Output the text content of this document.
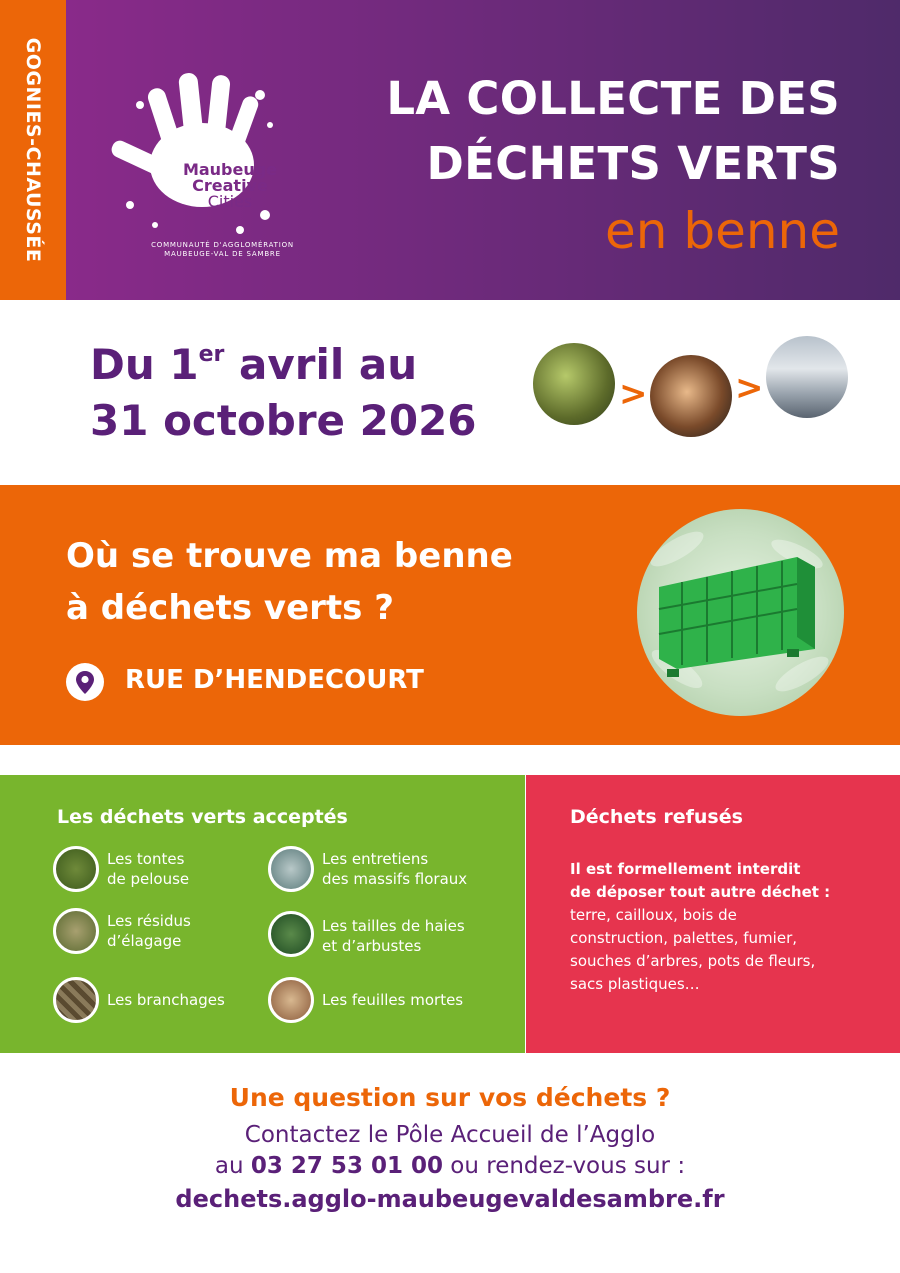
GOGNIES-CHAUSSÉE	Maubeuge
Creative
Cities
COMMUNAUTÉ D'AGGLOMÉRATION
MAUBEUGE-VAL DE SAMBRE
LA COLLECTE DES
DÉCHETS VERTS
en benne
Du 1er avril au
31 octobre 2026
>	>
Où se trouve ma benne
à déchets verts ?
RUE D’HENDECOURT
Les déchets verts acceptés
Les tontes
de pelouse
Les résidus
d’élagage
Les branchages
Les entretiens
des massifs floraux
Les tailles de haies
et d’arbustes
Les feuilles mortes
Déchets refusés
Il est formellement interdit
de déposer tout autre déchet :
terre, cailloux, bois de
construction, palettes, fumier,
souches d’arbres, pots de fleurs,
sacs plastiques…
Une question sur vos déchets ?
Contactez le Pôle Accueil de l’Agglo
au 03 27 53 01 00 ou rendez-vous sur :
dechets.agglo-maubeugevaldesambre.fr
